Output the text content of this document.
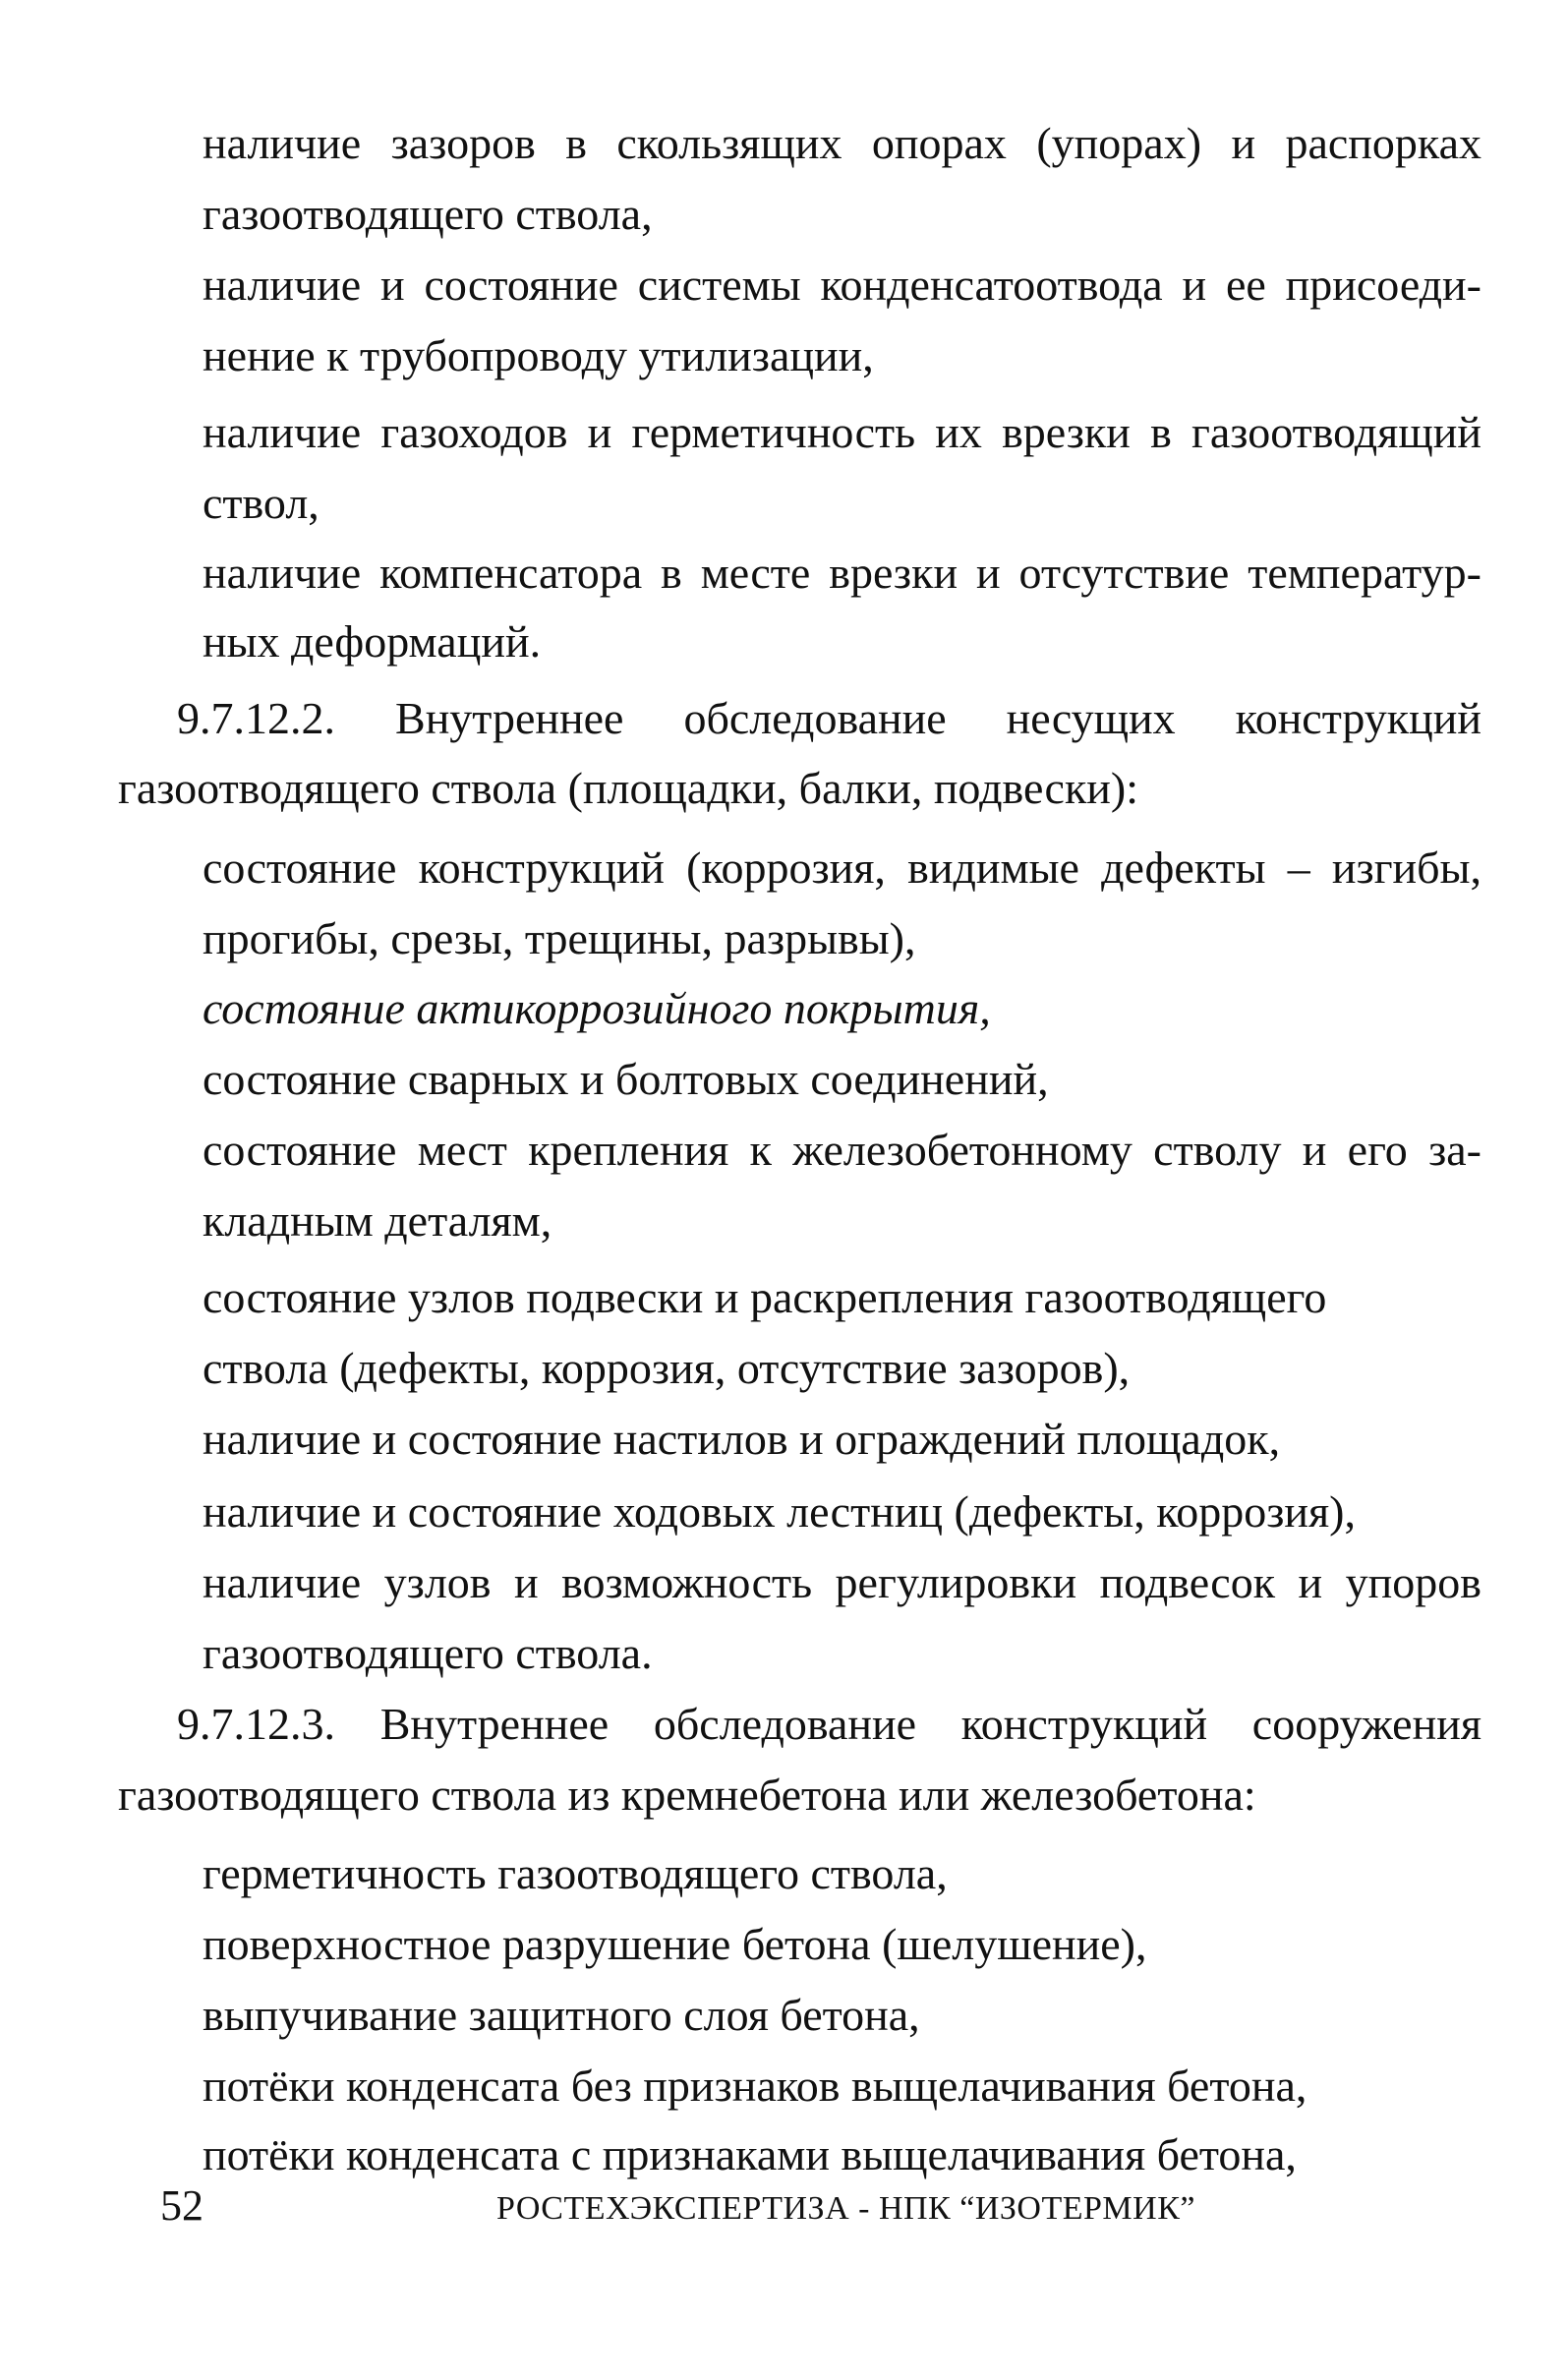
наличие зазоров в скользящих опорах (упорах) и распорках
газоотводящего ствола,
наличие и состояние системы конденсатоотвода и ее присоеди-
нение к трубопроводу утилизации,
наличие газоходов и герметичность их врезки в газоотводящий
ствол,
наличие компенсатора в месте врезки и отсутствие температур-
ных деформаций.
9.7.12.2. Внутреннее обследование несущих конструкций
газоотводящего ствола (площадки, балки, подвески):
состояние конструкций (коррозия, видимые дефекты – изгибы,
прогибы, срезы, трещины, разрывы),
состояние актикоррозийного покрытия,
состояние сварных и болтовых соединений,
состояние мест крепления к железобетонному стволу и его за-
кладным деталям,
состояние узлов подвески и раскрепления газоотводящего
ствола (дефекты, коррозия, отсутствие зазоров),
наличие и состояние настилов и ограждений площадок,
наличие и состояние ходовых лестниц (дефекты, коррозия),
наличие узлов и возможность регулировки подвесок и упоров
газоотводящего ствола.
9.7.12.3. Внутреннее обследование конструкций сооружения
газоотводящего ствола из кремнебетона или железобетона:
герметичность газоотводящего ствола,
поверхностное разрушение бетона (шелушение),
выпучивание защитного слоя бетона,
потёки конденсата без признаков выщелачивания бетона,
потёки конденсата с признаками выщелачивания бетона,
52	РОСТЕХЭКСПЕРТИЗА - НПК “ИЗОТЕРМИК”
